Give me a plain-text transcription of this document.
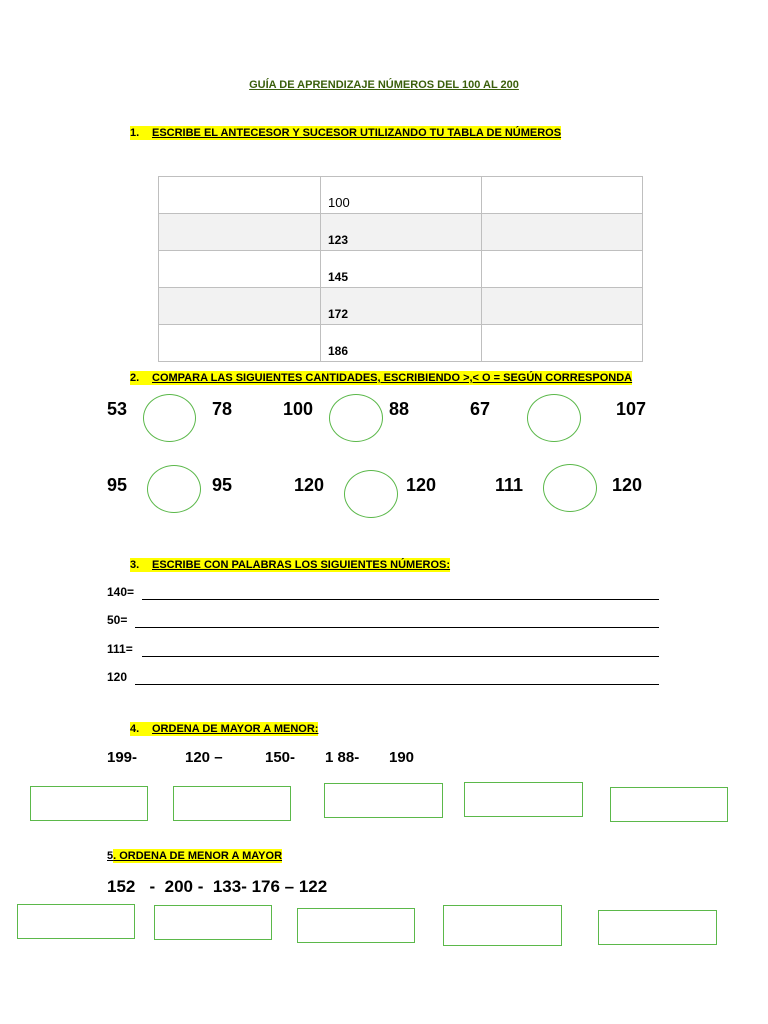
GUÍA DE APRENDIZAJE NÚMEROS DEL 100 AL 200
1. ESCRIBE EL ANTECESOR Y SUCESOR UTILIZANDO TU TABLA DE NÚMEROS
	100	
	123	
	145	
	172	
	186	
2. COMPARA LAS SIGUIENTES CANTIDADES, ESCRIBIENDO >,< O = SEGÚN CORRESPONDA
53	78	100	88	67	107
95	95	120	120	111	120
3. ESCRIBE CON PALABRAS LOS SIGUIENTES NÚMEROS:
140=
50=
111=
120
4. ORDENA DE MAYOR A MENOR:
199-	120 –	150- 1 88- 190
5. ORDENA DE MENOR A MAYOR
152   -  200 -  133- 176 – 122
